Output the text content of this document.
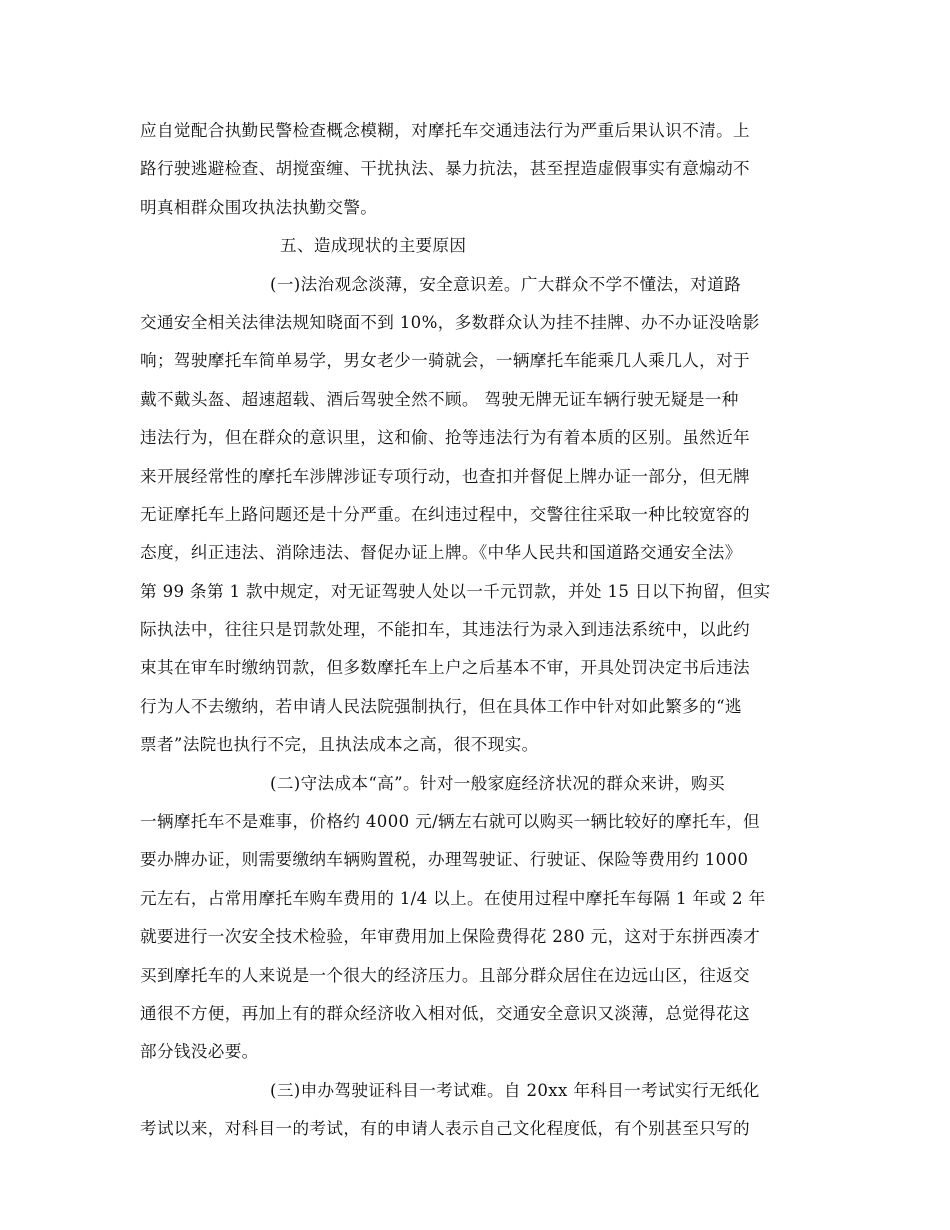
应自觉配合执勤民警检查概念模糊，对摩托车交通违法行为严重后果认识不清。上
路行驶逃避检查、胡搅蛮缠、干扰执法、暴力抗法，甚至捏造虚假事实有意煽动不
明真相群众围攻执法执勤交警。
五、造成现状的主要原因
(一)法治观念淡薄，安全意识差。广大群众不学不懂法，对道路
交通安全相关法律法规知晓面不到 10%，多数群众认为挂不挂牌、办不办证没啥影
响；驾驶摩托车简单易学，男女老少一骑就会，一辆摩托车能乘几人乘几人，对于
戴不戴头盔、超速超载、酒后驾驶全然不顾。 驾驶无牌无证车辆行驶无疑是一种
违法行为，但在群众的意识里，这和偷、抢等违法行为有着本质的区别。虽然近年
来开展经常性的摩托车涉牌涉证专项行动，也查扣并督促上牌办证一部分，但无牌
无证摩托车上路问题还是十分严重。在纠违过程中，交警往往采取一种比较宽容的
态度，纠正违法、消除违法、督促办证上牌。《中华人民共和国道路交通安全法》
第 99 条第 1 款中规定，对无证驾驶人处以一千元罚款，并处 15 日以下拘留，但实
际执法中，往往只是罚款处理，不能扣车，其违法行为录入到违法系统中，以此约
束其在审车时缴纳罚款，但多数摩托车上户之后基本不审，开具处罚决定书后违法
行为人不去缴纳，若申请人民法院强制执行，但在具体工作中针对如此繁多的“逃
票者”法院也执行不完，且执法成本之高，很不现实。
(二)守法成本“高”。针对一般家庭经济状况的群众来讲，购买
一辆摩托车不是难事，价格约 4000 元/辆左右就可以购买一辆比较好的摩托车，但
要办牌办证，则需要缴纳车辆购置税，办理驾驶证、行驶证、保险等费用约 1000
元左右，占常用摩托车购车费用的 1/4 以上。在使用过程中摩托车每隔 1 年或 2 年
就要进行一次安全技术检验，年审费用加上保险费得花 280 元，这对于东拼西凑才
买到摩托车的人来说是一个很大的经济压力。且部分群众居住在边远山区，往返交
通很不方便，再加上有的群众经济收入相对低，交通安全意识又淡薄，总觉得花这
部分钱没必要。
(三)申办驾驶证科目一考试难。自 20xx 年科目一考试实行无纸化
考试以来，对科目一的考试，有的申请人表示自己文化程度低，有个别甚至只写的
